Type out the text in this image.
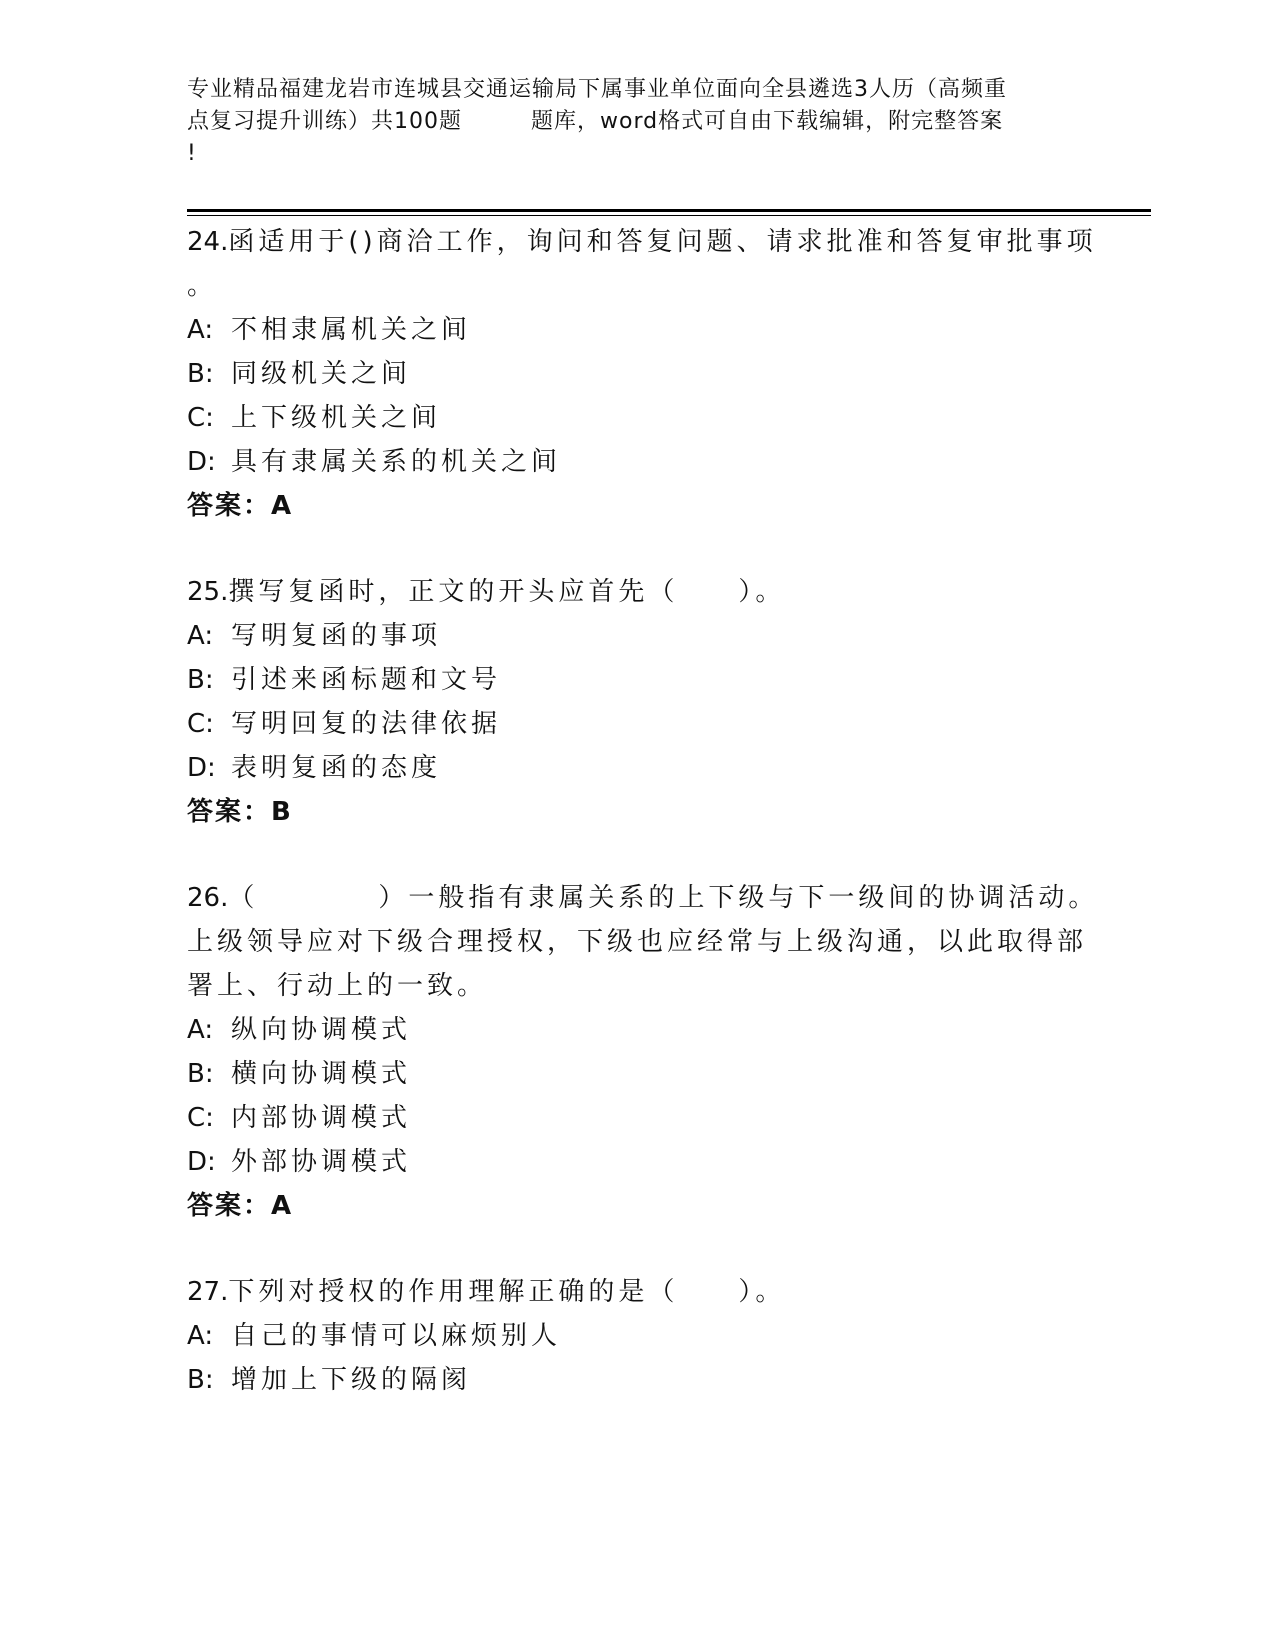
专业精品福建龙岩市连城县交通运输局下属事业单位面向全县遴选3人历（高频重
点复习提升训练）共100题　　　题库，word格式可自由下载编辑，附完整答案
!
24.函适用于()商洽工作，询问和答复问题、请求批准和答复审批事项
。
A: 不相隶属机关之间
B: 同级机关之间
C: 上下级机关之间
D: 具有隶属关系的机关之间
答案：A
25.撰写复函时，正文的开头应首先（　　）。
A: 写明复函的事项
B: 引述来函标题和文号
C: 写明回复的法律依据
D: 表明复函的态度
答案：B
26.（　　　　）一般指有隶属关系的上下级与下一级间的协调活动。
上级领导应对下级合理授权，下级也应经常与上级沟通，以此取得部
署上、行动上的一致。
A: 纵向协调模式
B: 横向协调模式
C: 内部协调模式
D: 外部协调模式
答案：A
27.下列对授权的作用理解正确的是（　　）。
A: 自己的事情可以麻烦别人
B: 增加上下级的隔阂
